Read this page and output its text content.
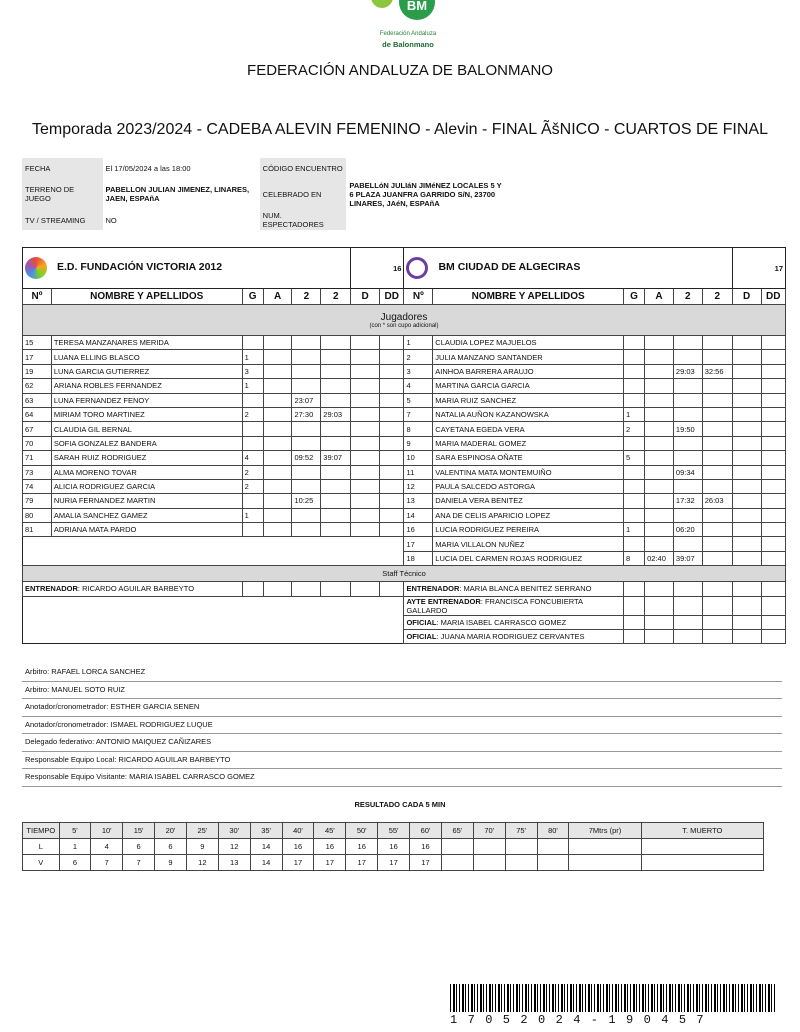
BM
Federación Andaluza
de Balonmano
FEDERACIÓN ANDALUZA DE BALONMANO
Temporada 2023/2024 - CADEBA ALEVIN FEMENINO - Alevin - FINAL ÃšNICO - CUARTOS DE FINAL
FECHA	El 17/05/2024 a las 18:00	CÓDIGO ENCUENTRO	
TERRENO DE JUEGO	PABELLON JULIAN JIMENEZ, LINARES, JAEN, ESPAñA	CELEBRADO EN	PABELLóN JULIáN JIMéNEZ LOCALES 5 Y 6 PLAZA JUANFRA GARRIDO S/N, 23700 LINARES, JAéN, ESPAñA
TV / STREAMING	NO	NUM. ESPECTADORES	
E.D. FUNDACIÓN VICTORIA 2012						16		BM CIUDAD DE ALGECIRAS						17	
Nº	NOMBRE Y APELLIDOS	G	A	2	2	D	DD	Nº	NOMBRE Y APELLIDOS	G	A	2	2	D	DD

Jugadores
(con * son cupo adicional)															

15	TERESA MANZANARES MERIDA							1	CLAUDIA LOPEZ MAJUELOS						
17	LUANA ELLING BLASCO	1						2	JULIA MANZANO SANTANDER						
19	LUNA GARCIA GUTIERREZ	3						3	AINHOA BARRERA ARAUJO			29:03	32:56		
62	ARIANA ROBLES FERNANDEZ	1						4	MARTINA GARCIA GARCIA						
63	LUNA FERNANDEZ FENOY			23:07				5	MARIA RUIZ SANCHEZ						
64	MIRIAM TORO MARTINEZ	2		27:30	29:03			7	NATALIA AUÑON KAZANOWSKA	1					
67	CLAUDIA GIL BERNAL							8	CAYETANA EGEDA VERA	2		19:50			
70	SOFIA GONZALEZ BANDERA							9	MARIA MADERAL GOMEZ						
71	SARAH RUIZ RODRIGUEZ	4		09:52	39:07			10	SARA ESPINOSA OÑATE	5					
73	ALMA MORENO TOVAR	2						11	VALENTINA MATA MONTEMUIÑO			09:34			
74	ALICIA RODRIGUEZ GARCIA	2						12	PAULA SALCEDO ASTORGA						
79	NURIA FERNANDEZ MARTIN			10:25				13	DANIELA VERA BENITEZ			17:32	26:03		
80	AMALIA SANCHEZ GAMEZ	1						14	ANA DE CELIS APARICIO LOPEZ						
81	ADRIANA MATA PARDO							16	LUCIA RODRIGUEZ PEREIRA	1		06:20			
								17	MARIA VILLALON NUÑEZ						
								18	LUCIA DEL CARMEN ROJAS RODRIGUEZ	8	02:40	39:07			
Staff Técnico															
ENTRENADOR: RICARDO AGUILAR BARBEYTO								ENTRENADOR: MARIA BLANCA BENITEZ SERRANO							
								AYTE ENTRENADOR: FRANCISCA FONCUBIERTA GALLARDO							
								OFICIAL: MARIA ISABEL CARRASCO GOMEZ							
								OFICIAL: JUANA MARIA RODRIGUEZ CERVANTES							
Arbitro: RAFAEL LORCA SANCHEZ
Arbitro: MANUEL SOTO RUIZ
Anotador/cronometrador: ESTHER GARCIA SENEN
Anotador/cronometrador: ISMAEL RODRIGUEZ LUQUE
Delegado federativo: ANTONIO MAIQUEZ CAÑIZARES
Responsable Equipo Local: RICARDO AGUILAR BARBEYTO
Responsable Equipo Visitante: MARIA ISABEL CARRASCO GOMEZ
RESULTADO CADA 5 MIN
TIEMPO	5'	10'	15'	20'	25'	30'	35'	40'	45'	50'	55'	60'	65'	70'	75'	80'	7Mtrs (pr)	T. MUERTO
L	1	4	6	6	9	12	14	16	16	16	16	16						
V	6	7	7	9	12	13	14	17	17	17	17	17						
17052024-190457
